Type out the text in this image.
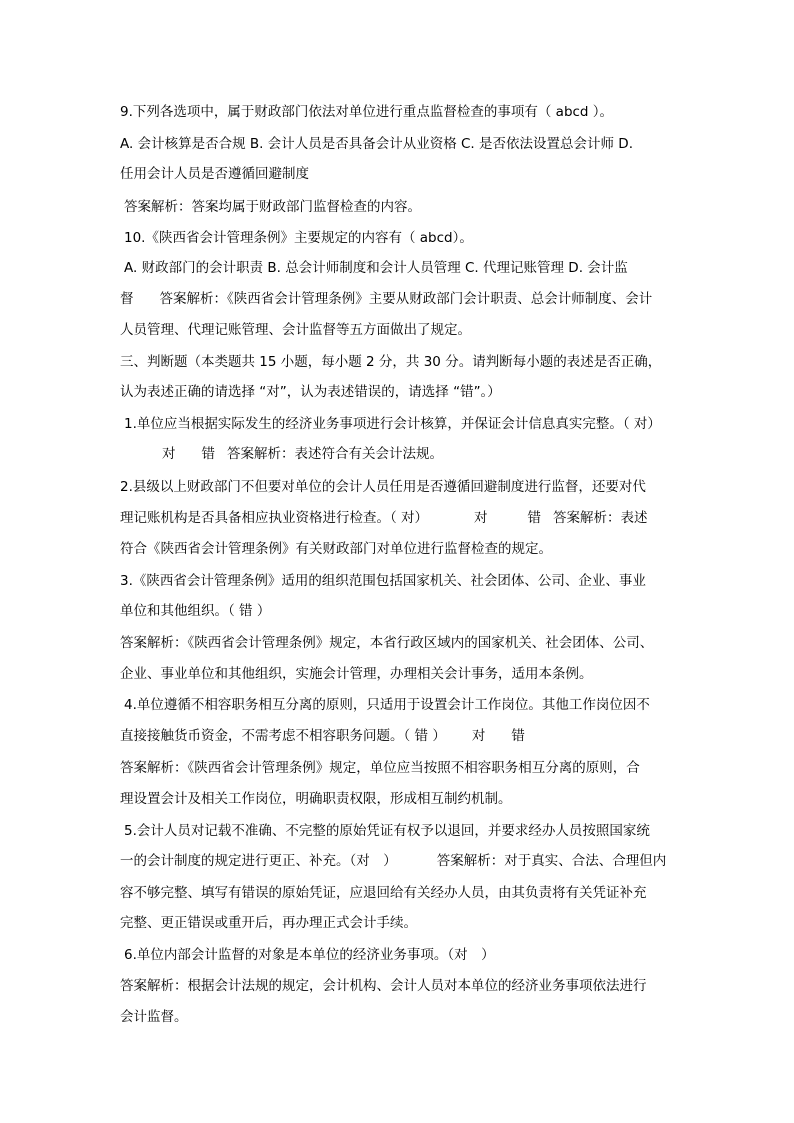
9.下列各选项中，属于财政部门依法对单位进行重点监督检查的事项有（ abcd ）。
A. 会计核算是否合规 B. 会计人员是否具备会计从业资格 C. 是否依法设置总会计师 D.
任用会计人员是否遵循回避制度
答案解析：答案均属于财政部门监督检查的内容。
10.《陕西省会计管理条例》主要规定的内容有（ abcd）。
A. 财政部门的会计职责 B. 总会计师制度和会计人员管理 C. 代理记账管理 D. 会计监
督 答案解析：《陕西省会计管理条例》主要从财政部门会计职责、总会计师制度、会计
人员管理、代理记账管理、会计监督等五方面做出了规定。
三、判断题（本类题共 15 小题，每小题 2 分，共 30 分。请判断每小题的表述是否正确，
认为表述正确的请选择 “对”，认为表述错误的，请选择 “错”。）
1.单位应当根据实际发生的经济业务事项进行会计核算，并保证会计信息真实完整。（ 对）
对 错 答案解析：表述符合有关会计法规。
2.县级以上财政部门不但要对单位的会计人员任用是否遵循回避制度进行监督，还要对代
理记账机构是否具备相应执业资格进行检查。（ 对）	对	错 答案解析：表述
符合《陕西省会计管理条例》有关财政部门对单位进行监督检查的规定。
3.《陕西省会计管理条例》适用的组织范围包括国家机关、社会团体、公司、企业、事业
单位和其他组织。（ 错 ）
答案解析：《陕西省会计管理条例》规定，本省行政区域内的国家机关、社会团体、公司、
企业、事业单位和其他组织，实施会计管理，办理相关会计事务，适用本条例。
4.单位遵循不相容职务相互分离的原则，只适用于设置会计工作岗位。其他工作岗位因不
直接接触货币资金，不需考虑不相容职务问题。（ 错 ） 对 错
答案解析：《陕西省会计管理条例》规定，单位应当按照不相容职务相互分离的原则，合
理设置会计及相关工作岗位，明确职责权限，形成相互制约机制。
5.会计人员对记载不准确、不完整的原始凭证有权予以退回，并要求经办人员按照国家统
一的会计制度的规定进行更正、补充。（对　）	答案解析：对于真实、合法、合理但内
容不够完整、填写有错误的原始凭证，应退回给有关经办人员，由其负责将有关凭证补充
完整、更正错误或重开后，再办理正式会计手续。
6.单位内部会计监督的对象是本单位的经济业务事项。（对　）
答案解析：根据会计法规的规定，会计机构、会计人员对本单位的经济业务事项依法进行
会计监督。
